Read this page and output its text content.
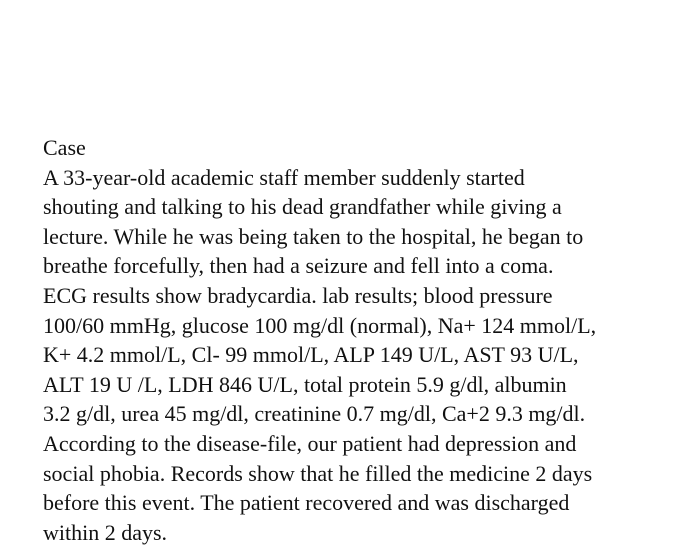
Case
A 33-year-old academic staff member suddenly started
shouting and talking to his dead grandfather while giving a
lecture. While he was being taken to the hospital, he began to
breathe forcefully, then had a seizure and fell into a coma.
ECG results show bradycardia. lab results; blood pressure
100/60 mmHg, glucose 100 mg/dl (normal), Na+ 124 mmol/L,
K+ 4.2 mmol/L, Cl- 99 mmol/L, ALP 149 U/L, AST 93 U/L,
ALT 19 U /L, LDH 846 U/L, total protein 5.9 g/dl, albumin
3.2 g/dl, urea 45 mg/dl, creatinine 0.7 mg/dl, Ca+2 9.3 mg/dl.
According to the disease-file, our patient had depression and
social phobia. Records show that he filled the medicine 2 days
before this event. The patient recovered and was discharged
within 2 days.
